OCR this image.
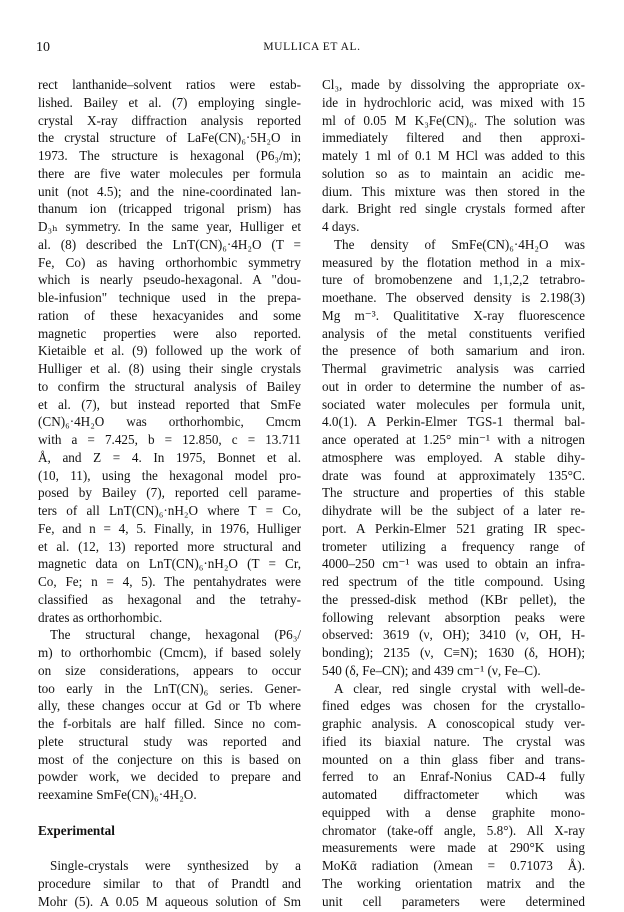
10	MULLICA ET AL.
rect lanthanide–solvent ratios were estab-
lished. Bailey et al. (7) employing single-
crystal X-ray diffraction analysis reported
the crystal structure of LaFe(CN)₆·5H₂O in
1973. The structure is hexagonal (P6₃/m);
there are five water molecules per formula
unit (not 4.5); and the nine-coordinated lan-
thanum ion (tricapped trigonal prism) has
D₃ₕ symmetry. In the same year, Hulliger et
al. (8) described the LnT(CN)₆·4H₂O (T =
Fe, Co) as having orthorhombic symmetry
which is nearly pseudo-hexagonal. A "dou-
ble-infusion" technique used in the prepa-
ration of these hexacyanides and some
magnetic properties were also reported.
Kietaible et al. (9) followed up the work of
Hulliger et al. (8) using their single crystals
to confirm the structural analysis of Bailey
et al. (7), but instead reported that SmFe
(CN)₆·4H₂O was orthorhombic, Cmcm
with a = 7.425, b = 12.850, c = 13.711
Å, and Z = 4. In 1975, Bonnet et al.
(10, 11), using the hexagonal model pro-
posed by Bailey (7), reported cell parame-
ters of all LnT(CN)₆·nH₂O where T = Co,
Fe, and n = 4, 5. Finally, in 1976, Hulliger
et al. (12, 13) reported more structural and
magnetic data on LnT(CN)₆·nH₂O (T = Cr,
Co, Fe; n = 4, 5). The pentahydrates were
classified as hexagonal and the tetrahy-
drates as orthorhombic.
The structural change, hexagonal (P6₃/
m) to orthorhombic (Cmcm), if based solely
on size considerations, appears to occur
too early in the LnT(CN)₆ series. Gener-
ally, these changes occur at Gd or Tb where
the f-orbitals are half filled. Since no com-
plete structural study was reported and
most of the conjecture on this is based on
powder work, we decided to prepare and
reexamine SmFe(CN)₆·4H₂O.
Experimental
Single-crystals were synthesized by a
procedure similar to that of Prandtl and
Mohr (5). A 0.05 M aqueous solution of Sm
Cl₃, made by dissolving the appropriate ox-
ide in hydrochloric acid, was mixed with 15
ml of 0.05 M K₃Fe(CN)₆. The solution was
immediately filtered and then approxi-
mately 1 ml of 0.1 M HCl was added to this
solution so as to maintain an acidic me-
dium. This mixture was then stored in the
dark. Bright red single crystals formed after
4 days.
The density of SmFe(CN)₆·4H₂O was
measured by the flotation method in a mix-
ture of bromobenzene and 1,1,2,2 tetrabro-
moethane. The observed density is 2.198(3)
Mg m⁻³. Qualititative X-ray fluorescence
analysis of the metal constituents verified
the presence of both samarium and iron.
Thermal gravimetric analysis was carried
out in order to determine the number of as-
sociated water molecules per formula unit,
4.0(1). A Perkin-Elmer TGS-1 thermal bal-
ance operated at 1.25° min⁻¹ with a nitrogen
atmosphere was employed. A stable dihy-
drate was found at approximately 135°C.
The structure and properties of this stable
dihydrate will be the subject of a later re-
port. A Perkin-Elmer 521 grating IR spec-
trometer utilizing a frequency range of
4000–250 cm⁻¹ was used to obtain an infra-
red spectrum of the title compound. Using
the pressed-disk method (KBr pellet), the
following relevant absorption peaks were
observed: 3619 (ν, OH); 3410 (ν, OH, H-
bonding); 2135 (ν, C≡N); 1630 (δ, HOH);
540 (δ, Fe–CN); and 439 cm⁻¹ (ν, Fe–C).
A clear, red single crystal with well-de-
fined edges was chosen for the crystallo-
graphic analysis. A conoscopical study ver-
ified its biaxial nature. The crystal was
mounted on a thin glass fiber and trans-
ferred to an Enraf-Nonius CAD-4 fully
automated diffractometer which was
equipped with a dense graphite mono-
chromator (take-off angle, 5.8°). All X-ray
measurements were made at 290°K using
MoKᾱ radiation (λmean = 0.71073 Å).
The working orientation matrix and the
unit cell parameters were determined
